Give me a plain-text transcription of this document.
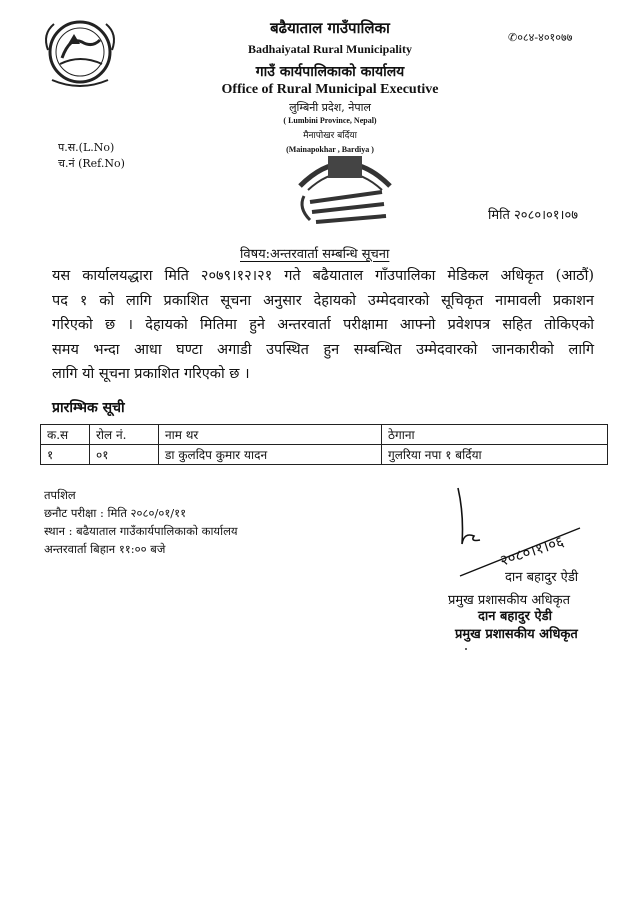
बढैयाताल गाउँपालिका
Badhaiyatal Rural Municipality
गाउँ कार्यपालिकाको कार्यालय
Office of Rural Municipal Executive
लुम्बिनी प्रदेश, नेपाल
( Lumbini Province, Nepal)
मैनापोखर बर्दिया
(Mainapokhar , Bardiya )
✆०८४-४०१०७७
प.स.(L.No)
च.नं (Ref.No)
मिति २०८०।०१।०७
विषय:अन्तरवार्ता सम्बन्धि सूचना
यस कार्यालयद्धारा मिति २०७९।१२।२१ गते बढैयाताल गाँउपालिका मेडिकल अधिकृत (आठौं)
पद १ को लागि प्रकाशित सूचना अनुसार देहायको उम्मेदवारको सूचिकृत नामावली प्रकाशन
गरिएको छ । देहायको मितिमा हुने अन्तरवार्ता परीक्षामा आफ्नो प्रवेशपत्र सहित तोकिएको
समय भन्दा आधा घण्टा अगाडी उपस्थित हुन सम्बन्धित उम्मेदवारको जानकारीको लागि
लागि यो सूचना प्रकाशित गरिएको छ ।
प्रारम्भिक सूची
क.स	रोल नं.	नाम थर	ठेगाना
१	०१	डा कुलदिप कुमार यादन	गुलरिया नपा १ बर्दिया
तपशिल
छनौट परीक्षा : मिति २०८०/०१/११
स्थान : बढैयाताल गाउँकार्यपालिकाको कार्यालय
अन्तरवार्ता बिहान ११:०० बजे	२०८०।१।०६
दान बहादुर ऐडी
प्रमुख प्रशासकीय अधिकृत
दान बहादुर ऐडी
प्रमुख प्रशासकीय अधिकृत
